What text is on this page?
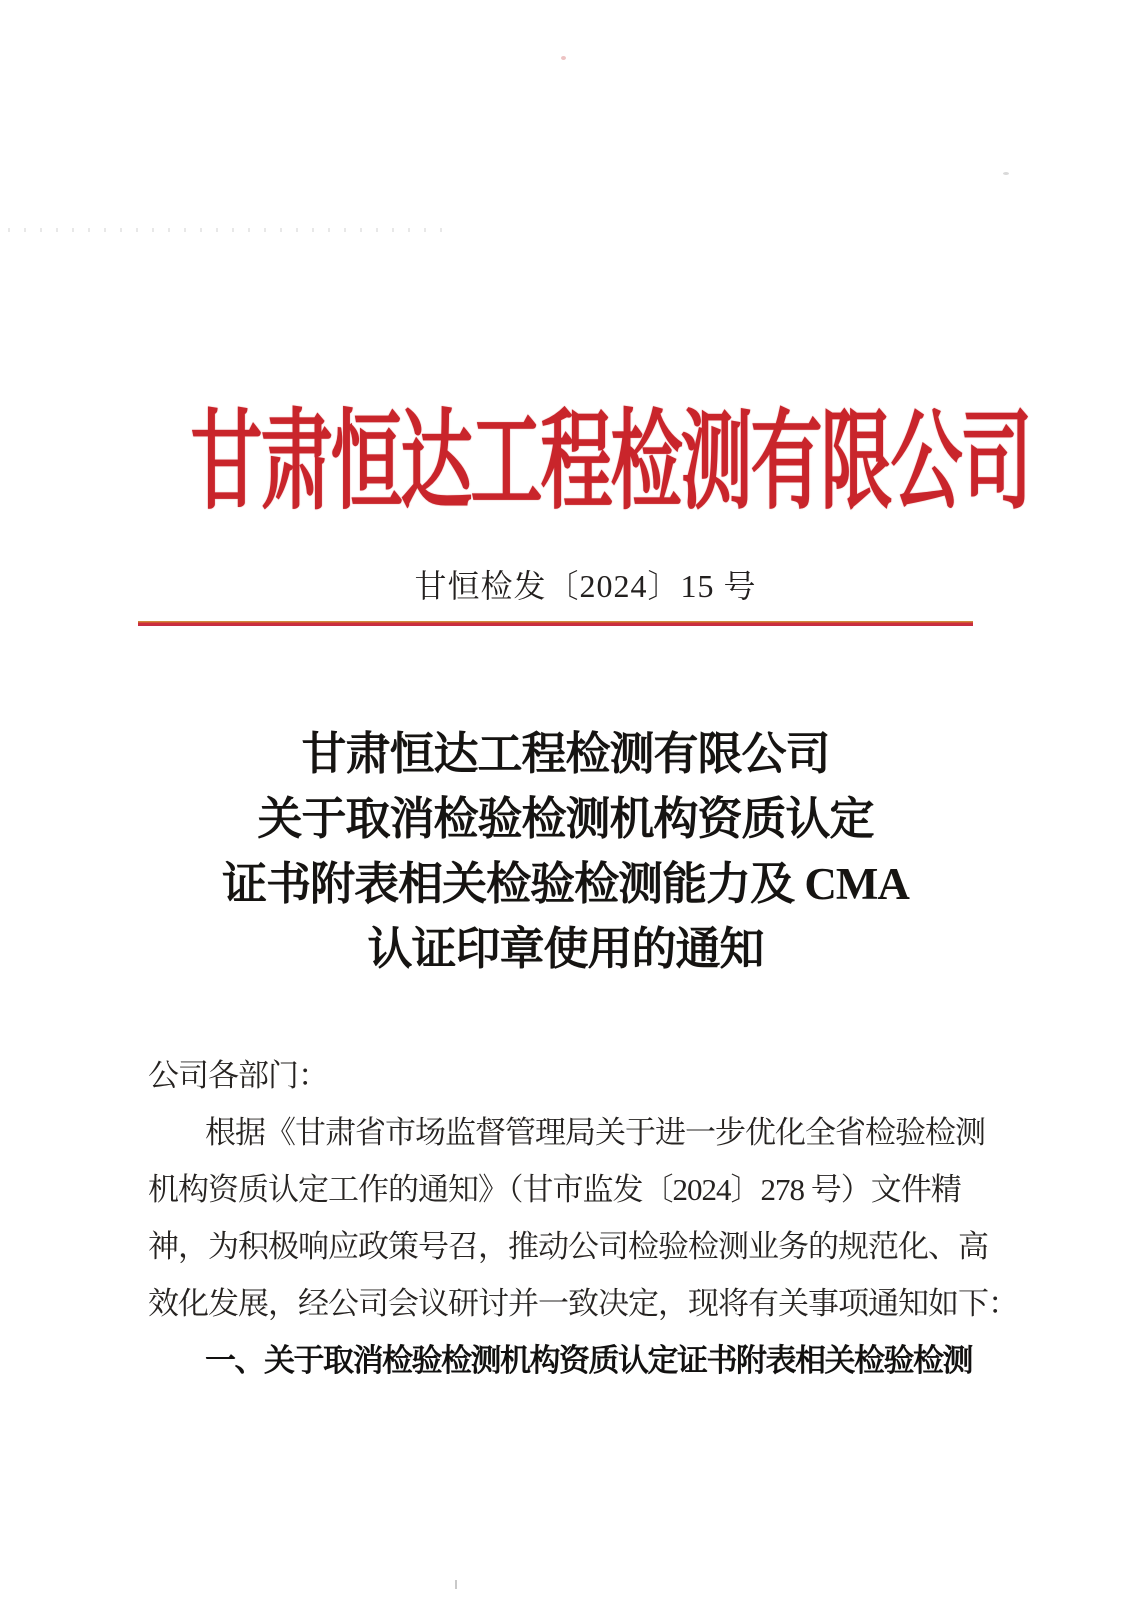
甘肃恒达工程检测有限公司
甘恒检发〔2024〕15 号
甘肃恒达工程检测有限公司
关于取消检验检测机构资质认定
证书附表相关检验检测能力及 CMA
认证印章使用的通知
公司各部门：
根据《甘肃省市场监督管理局关于进一步优化全省检验检测
机构资质认定工作的通知》（甘市监发〔2024〕278 号）文件精
神，为积极响应政策号召，推动公司检验检测业务的规范化、高
效化发展，经公司会议研讨并一致决定，现将有关事项通知如下：
一、关于取消检验检测机构资质认定证书附表相关检验检测
